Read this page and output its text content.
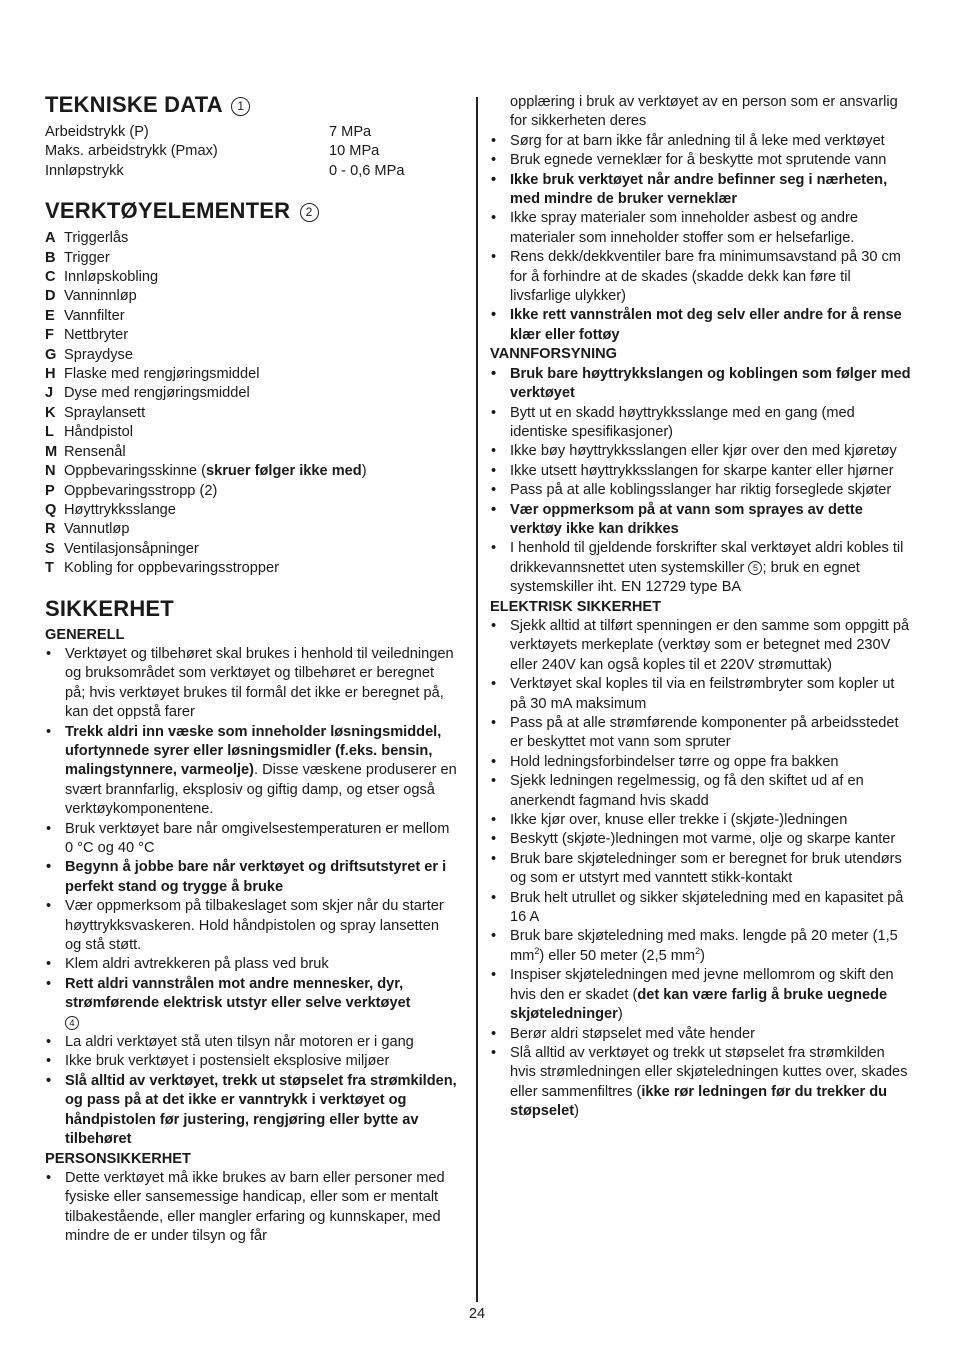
TEKNISKE DATA 1
Arbeidstrykk (P)	7 MPa
Maks. arbeidstrykk (Pmax)	10 MPa
Innløpstrykk	0 - 0,6 MPa
VERKTØYELEMENTER 2
A Triggerlås
B Trigger
C Innløpskobling
D Vanninnløp
E Vannfilter
F Nettbryter
G Spraydyse
H Flaske med rengjøringsmiddel
J Dyse med rengjøringsmiddel
K Spraylansett
L Håndpistol
M Rensenål
N Oppbevaringsskinne (skruer følger ikke med)
P Oppbevaringsstropp (2)
Q Høyttrykksslange
R Vannutløp
S Ventilasjonsåpninger
T Kobling for oppbevaringsstropper
SIKKERHET
GENERELL
• Verktøyet og tilbehøret skal brukes i henhold til veiledningen og bruksområdet som verktøyet og tilbehøret er beregnet på; hvis verktøyet brukes til formål det ikke er beregnet på, kan det oppstå farer
• Trekk aldri inn væske som inneholder løsningsmiddel, ufortynnede syrer eller løsningsmidler (f.eks. bensin, malingstynnere, varmeolje). Disse væskene produserer en svært brannfarlig, eksplosiv og giftig damp, og etser også verktøykomponentene.
• Bruk verktøyet bare når omgivelsestemperaturen er mellom 0 °C og 40 °C
• Begynn å jobbe bare når verktøyet og driftsutstyret er i perfekt stand og trygge å bruke
• Vær oppmerksom på tilbakeslaget som skjer når du starter høyttrykksvaskeren. Hold håndpistolen og spray lansetten og stå støtt.
• Klem aldri avtrekkeren på plass ved bruk
• Rett aldri vannstrålen mot andre mennesker, dyr, strømførende elektrisk utstyr eller selve verktøyet
4
• La aldri verktøyet stå uten tilsyn når motoren er i gang
• Ikke bruk verktøyet i postensielt eksplosive miljøer
• Slå alltid av verktøyet, trekk ut støpselet fra strømkilden, og pass på at det ikke er vanntrykk i verktøyet og håndpistolen før justering, rengjøring eller bytte av tilbehøret
PERSONSIKKERHET
• Dette verktøyet må ikke brukes av barn eller personer med fysiske eller sansemessige handicap, eller som er mentalt tilbakestående, eller mangler erfaring og kunnskaper, med mindre de er under tilsyn og får
opplæring i bruk av verktøyet av en person som er ansvarlig for sikkerheten deres
• Sørg for at barn ikke får anledning til å leke med verktøyet
• Bruk egnede verneklær for å beskytte mot sprutende vann
• Ikke bruk verktøyet når andre befinner seg i nærheten, med mindre de bruker verneklær
• Ikke spray materialer som inneholder asbest og andre materialer som inneholder stoffer som er helsefarlige.
• Rens dekk/dekkventiler bare fra minimumsavstand på 30 cm for å forhindre at de skades (skadde dekk kan føre til livsfarlige ulykker)
• Ikke rett vannstrålen mot deg selv eller andre for å rense klær eller fottøy
VANNFORSYNING
• Bruk bare høyttrykkslangen og koblingen som følger med verktøyet
• Bytt ut en skadd høyttrykksslange med en gang (med identiske spesifikasjoner)
• Ikke bøy høyttrykksslangen eller kjør over den med kjøretøy
• Ikke utsett høyttrykksslangen for skarpe kanter eller hjørner
• Pass på at alle koblingsslanger har riktig forseglede skjøter
• Vær oppmerksom på at vann som sprayes av dette verktøy ikke kan drikkes
• I henhold til gjeldende forskrifter skal verktøyet aldri kobles til drikkevannsnettet uten systemskiller 5 ; bruk en egnet systemskiller iht. EN 12729 type BA
ELEKTRISK SIKKERHET
• Sjekk alltid at tilført spenningen er den samme som oppgitt på verktøyets merkeplate (verktøy som er betegnet med 230V eller 240V kan også koples til et 220V strømuttak)
• Verktøyet skal koples til via en feilstrømbryter som kopler ut på 30 mA maksimum
• Pass på at alle strømførende komponenter på arbeidsstedet er beskyttet mot vann som spruter
• Hold ledningsforbindelser tørre og oppe fra bakken
• Sjekk ledningen regelmessig, og få den skiftet ud af en anerkendt fagmand hvis skadd
• Ikke kjør over, knuse eller trekke i (skjøte-)ledningen
• Beskytt (skjøte-)ledningen mot varme, olje og skarpe kanter
• Bruk bare skjøteledninger som er beregnet for bruk utendørs og som er utstyrt med vanntett stikk-kontakt
• Bruk helt utrullet og sikker skjøteledning med en kapasitet på 16 A
• Bruk bare skjøteledning med maks. lengde på 20 meter (1,5 $mm^2$) eller 50 meter (2,5 $mm^2$)
• Inspiser skjøteledningen med jevne mellomrom og skift den hvis den er skadet (det kan være farlig å bruke uegnede skjøteledninger)
• Berør aldri støpselet med våte hender
• Slå alltid av verktøyet og trekk ut støpselet fra strømkilden hvis strømledningen eller skjøteledningen kuttes over, skades eller sammenfiltres (ikke rør ledningen før du trekker du støpselet)
24
